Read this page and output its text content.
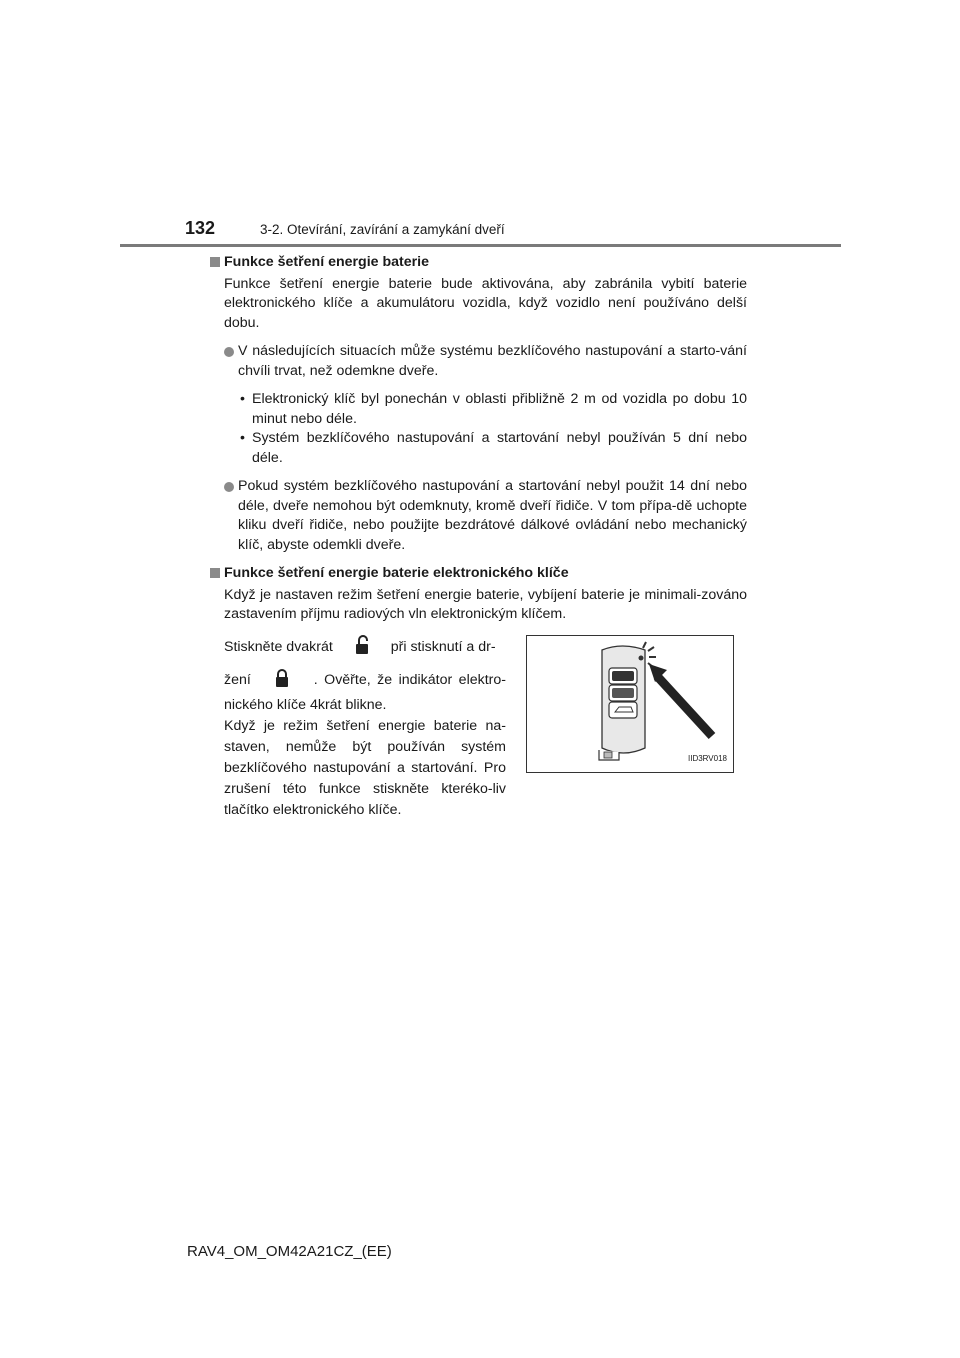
132	3-2. Otevírání, zavírání a zamykání dveří
Funkce šetření energie baterie
Funkce šetření energie baterie bude aktivována, aby zabránila vybití baterie elektronického klíče a akumulátoru vozidla, když vozidlo není používáno delší dobu.
V následujících situacích může systému bezklíčového nastupování a starto-vání chvíli trvat, než odemkne dveře.
• Elektronický klíč byl ponechán v oblasti přibližně 2 m od vozidla po dobu 10 minut nebo déle.
• Systém bezklíčového nastupování a startování nebyl používán 5 dní nebo déle.
Pokud systém bezklíčového nastupování a startování nebyl použit 14 dní nebo déle, dveře nemohou být odemknuty, kromě dveří řidiče. V tom přípa-dě uchopte kliku dveří řidiče, nebo použijte bezdrátové dálkové ovládání nebo mechanický klíč, abyste odemkli dveře.
Funkce šetření energie baterie elektronického klíče
Když je nastaven režim šetření energie baterie, vybíjení baterie je minimali-zováno zastavením příjmu radiových vln elektronickým klíčem.
Stiskněte dvakrát	při stisknutí a dr-
žení	. Ověřte, že indikátor elektro-nického klíče 4krát blikne.
Když je režim šetření energie baterie na-staven, nemůže být používán systém bezklíčového nastupování a startování. Pro zrušení této funkce stiskněte kteréko-liv tlačítko elektronického klíče.
IID3RV018
RAV4_OM_OM42A21CZ_(EE)
